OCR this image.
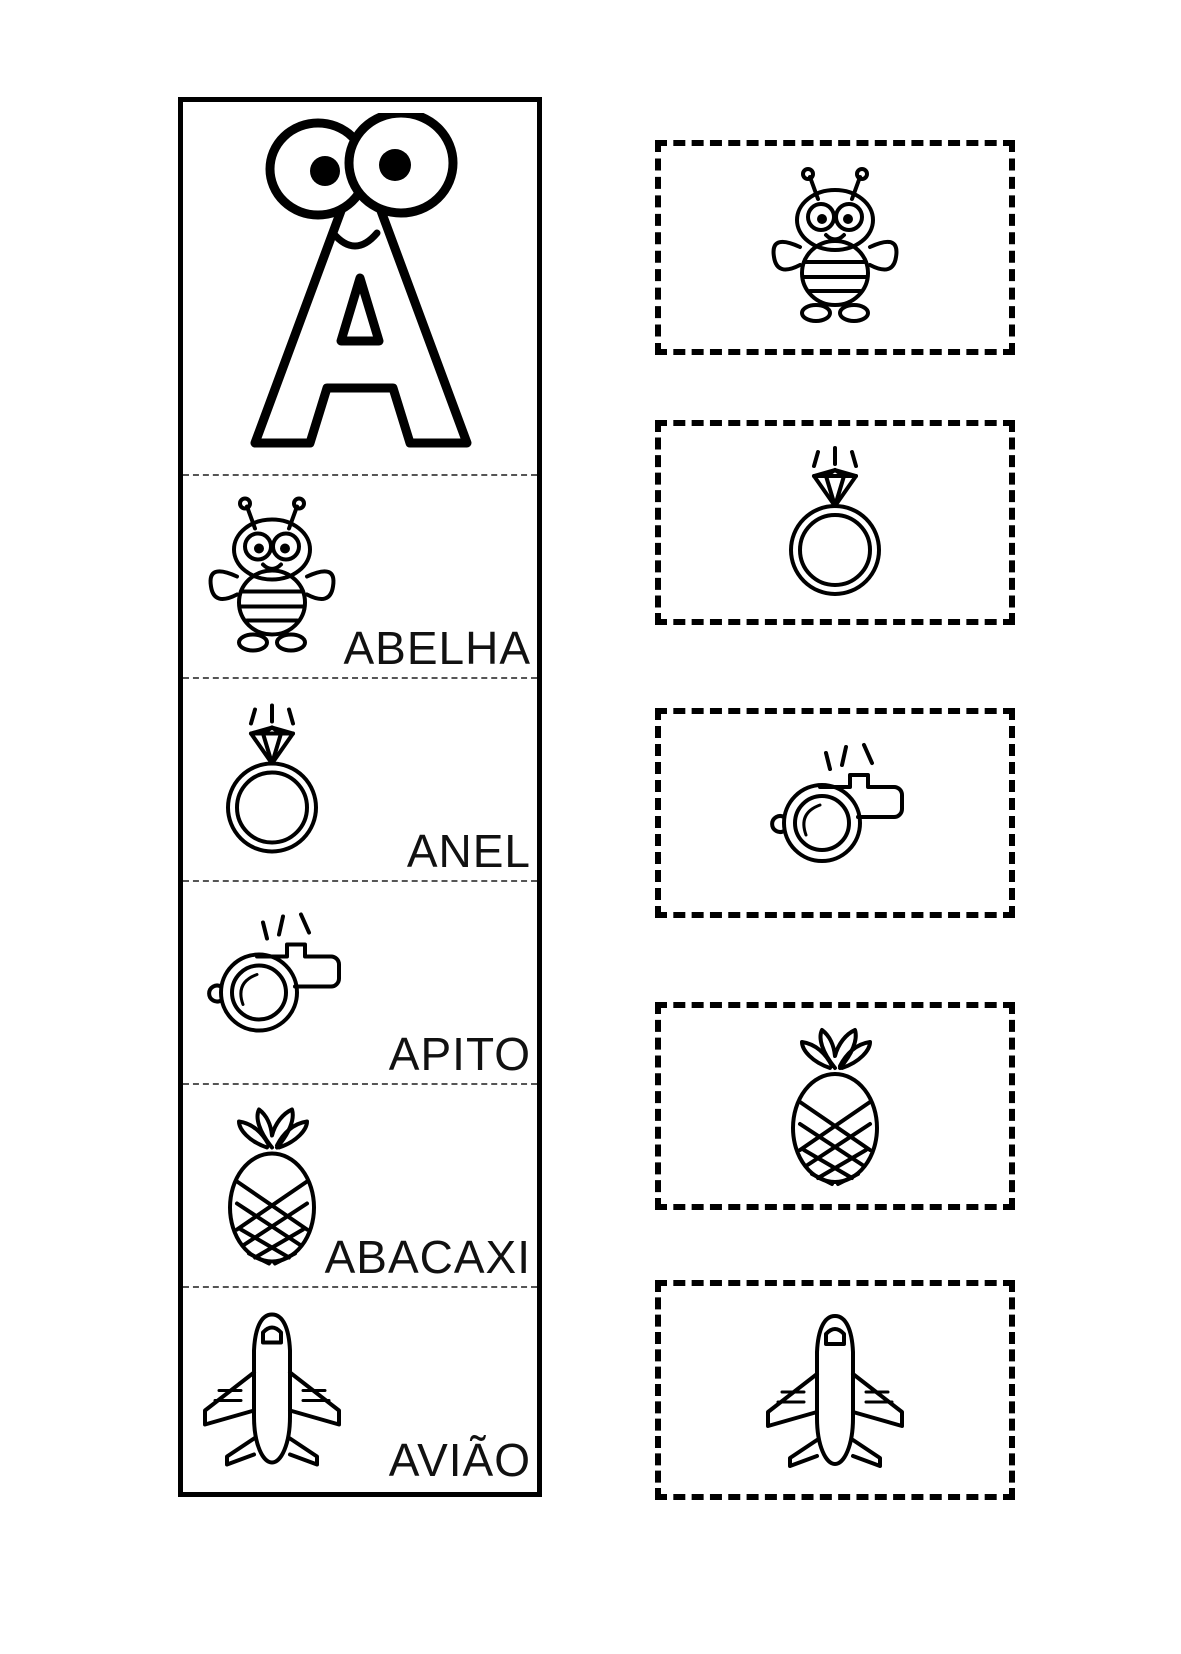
ABELHA
ANEL
APITO
ABACAXI
AVIÃO
